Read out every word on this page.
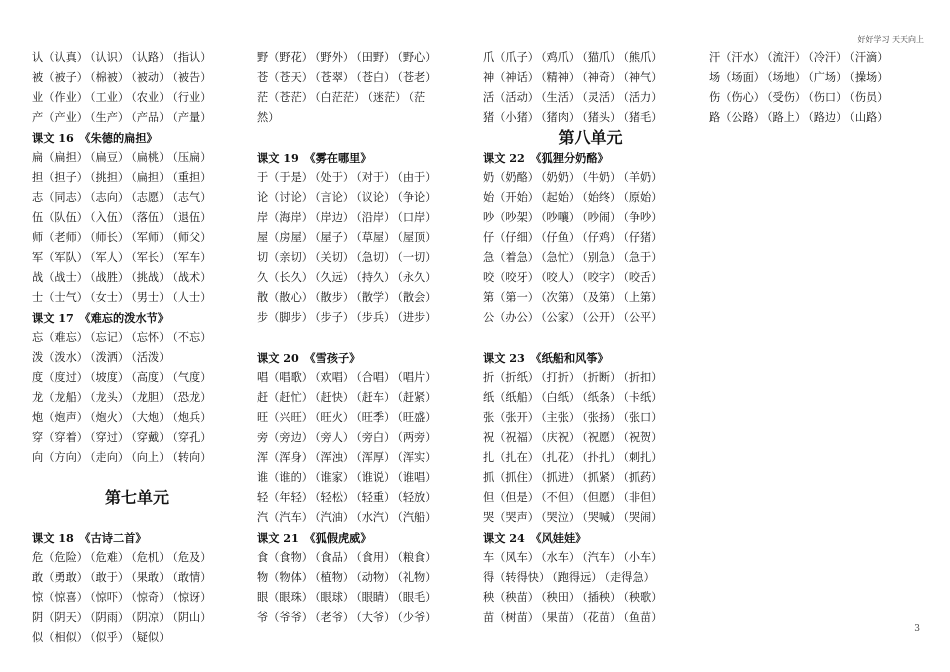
好好学习 天天向上
3
认（认真） （认识） （认路） （指认）
被（被子） （棉被） （被动） （被告）
业（作业） （工业） （农业） （行业）
产（产业） （生产） （产品） （产量）
课文 16　《朱德的扁担》
扁（扁担） （扁豆） （扁桃） （压扁）
担（担子） （挑担） （扁担） （重担）
志（同志） （志向） （志愿） （志气）
伍（队伍） （入伍） （落伍） （退伍）
师（老师） （师长） （军师） （师父）
军（军队） （军人） （军长） （军车）
战（战士） （战胜） （挑战） （战术）
士（士气） （女士） （男士） （人士）
课文 17　《难忘的泼水节》
忘（难忘） （忘记） （忘怀） （不忘）
泼（泼水） （泼洒） （活泼）
度（度过） （坡度） （高度） （气度）
龙（龙船） （龙头） （龙胆） （恐龙）
炮（炮声） （炮火） （大炮） （炮兵）
穿（穿着） （穿过） （穿戴） （穿孔）
向（方向） （走向） （向上） （转向）
第七单元
课文 18　《古诗二首》
危（危险） （危难） （危机） （危及）
敢（勇敢） （敢于） （果敢） （敢情）
惊（惊喜） （惊吓） （惊奇） （惊讶）
阴（阴天） （阴雨） （阴凉） （阴山）
似（相似） （似乎） （疑似）
野（野花） （野外） （田野） （野心）
苍（苍天） （苍翠） （苍白） （苍老）
茫（苍茫） （白茫茫） （迷茫） （茫
然）
课文 19　《雾在哪里》
于（于是） （处于） （对于） （由于）
论（讨论） （言论） （议论） （争论）
岸（海岸） （岸边） （沿岸） （口岸）
屋（房屋） （屋子） （草屋） （屋顶）
切（亲切） （关切） （急切） （一切）
久（长久） （久远） （持久） （永久）
散（散心） （散步） （散学） （散会）
步（脚步） （步子） （步兵） （进步）
课文 20　《雪孩子》
唱（唱歌） （欢唱） （合唱） （唱片）
赶（赶忙） （赶快） （赶车） （赶紧）
旺（兴旺） （旺火） （旺季） （旺盛）
旁（旁边） （旁人） （旁白） （两旁）
浑（浑身） （浑浊） （浑厚） （浑实）
谁（谁的） （谁家） （谁说） （谁唱）
轻（年轻） （轻松） （轻重） （轻放）
汽（汽车） （汽油） （水汽） （汽船）
课文 21　《狐假虎威》
食（食物） （食品） （食用） （粮食）
物（物体） （植物） （动物） （礼物）
眼（眼珠） （眼球） （眼睛） （眼毛）
爷（爷爷） （老爷） （大爷） （少爷）
爪（爪子） （鸡爪） （猫爪） （熊爪）
神（神话） （精神） （神奇） （神气）
活（活动） （生活） （灵活） （活力）
猪（小猪） （猪肉） （猪头） （猪毛）
第八单元
课文 22　《狐狸分奶酪》
奶（奶酪） （奶奶） （牛奶） （羊奶）
始（开始） （起始） （始终） （原始）
吵（吵架） （吵嚷） （吵闹） （争吵）
仔（仔细） （仔鱼） （仔鸡） （仔猪）
急（着急） （急忙） （别急） （急于）
咬（咬牙） （咬人） （咬字） （咬舌）
第（第一） （次第） （及第） （上第）
公（办公） （公家） （公开） （公平）
课文 23　《纸船和风筝》
折（折纸） （打折） （折断） （折扣）
纸（纸船） （白纸） （纸条） （卡纸）
张（张开） （主张） （张扬） （张口）
祝（祝福） （庆祝） （祝愿） （祝贺）
扎（扎在） （扎花） （扑扎） （刺扎）
抓（抓住） （抓进） （抓紧） （抓药）
但（但是） （不但） （但愿） （非但）
哭（哭声） （哭泣） （哭喊） （哭闹）
课文 24　《风娃娃》
车（风车） （水车） （汽车） （小车）
得（转得快） （跑得远） （走得急）
秧（秧苗） （秧田） （插秧） （秧歌）
苗（树苗） （果苗） （花苗） （鱼苗）
汗（汗水） （流汗） （冷汗） （汗滴）
场（场面） （场地） （广场） （操场）
伤（伤心） （受伤） （伤口） （伤员）
路（公路） （路上） （路边） （山路）
